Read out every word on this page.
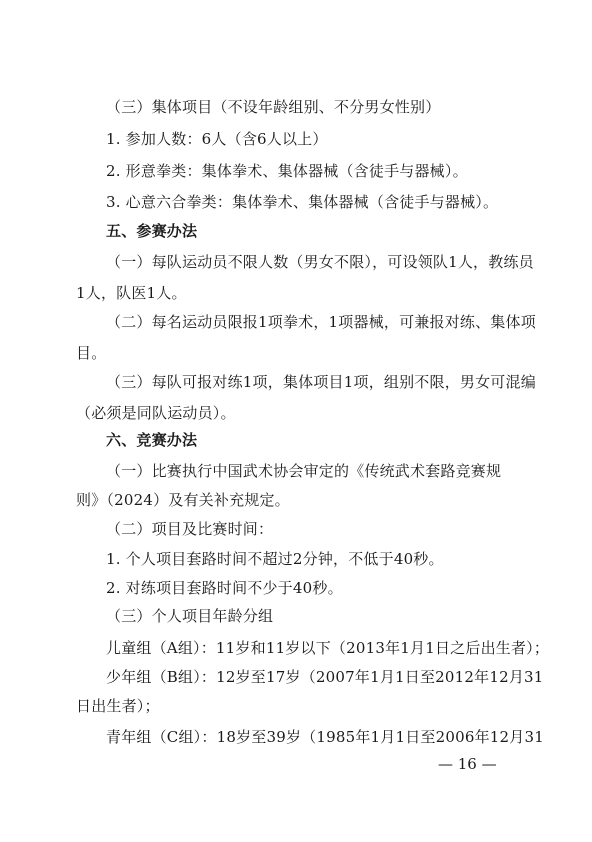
（三）集体项目（不设年龄组别、不分男女性别）
1. 参加人数：6人（含6人以上）
2. 形意拳类：集体拳术、集体器械（含徒手与器械）。
3. 心意六合拳类：集体拳术、集体器械（含徒手与器械）。
五、参赛办法
（一）每队运动员不限人数（男女不限），可设领队1人，教练员
1人，队医1人。
（二）每名运动员限报1项拳术，1项器械，可兼报对练、集体项
目。
（三）每队可报对练1项，集体项目1项，组别不限，男女可混编
（必须是同队运动员）。
六、竞赛办法
（一）比赛执行中国武术协会审定的《传统武术套路竞赛规
则》（2024）及有关补充规定。
（二）项目及比赛时间：
1. 个人项目套路时间不超过2分钟，不低于40秒。
2. 对练项目套路时间不少于40秒。
（三）个人项目年龄分组
儿童组（A组）：11岁和11岁以下（2013年1月1日之后出生者）；
少年组（B组）：12岁至17岁（2007年1月1日至2012年12月31
日出生者）；
青年组（C组）：18岁至39岁（1985年1月1日至2006年12月31
— 16 —
